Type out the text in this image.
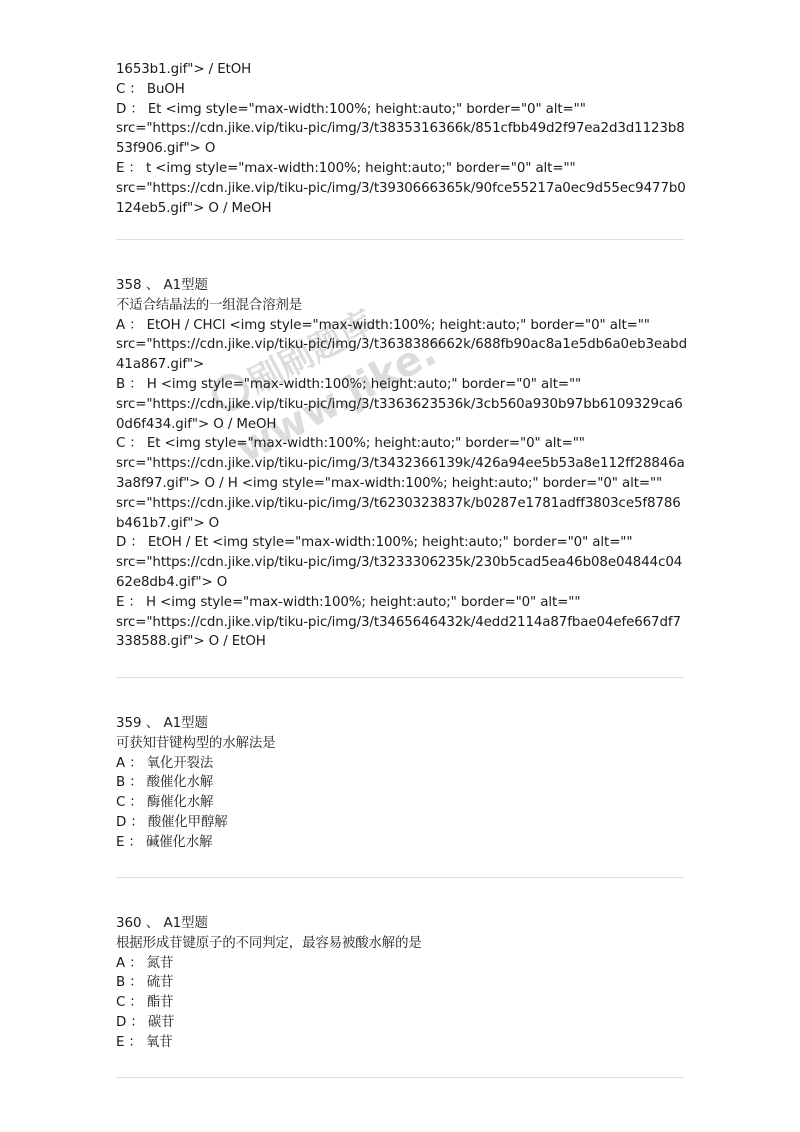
刷刷题库
www.jike.vip
1653b1.gif"> / EtOH
C ： BuOH
D ： Et <img style="max-width:100%; height:auto;" border="0" alt=""
src="https://cdn.jike.vip/tiku-pic/img/3/t3835316366k/851cfbb49d2f97ea2d3d1123b8
53f906.gif"> O
E ： t <img style="max-width:100%; height:auto;" border="0" alt=""
src="https://cdn.jike.vip/tiku-pic/img/3/t3930666365k/90fce55217a0ec9d55ec9477b0
124eb5.gif"> O / MeOH
358 、 A1型题
不适合结晶法的一组混合溶剂是
A ： EtOH / CHCl <img style="max-width:100%; height:auto;" border="0" alt=""
src="https://cdn.jike.vip/tiku-pic/img/3/t3638386662k/688fb90ac8a1e5db6a0eb3eabd
41a867.gif">
B ： H <img style="max-width:100%; height:auto;" border="0" alt=""
src="https://cdn.jike.vip/tiku-pic/img/3/t3363623536k/3cb560a930b97bb6109329ca6
0d6f434.gif"> O / MeOH
C ： Et <img style="max-width:100%; height:auto;" border="0" alt=""
src="https://cdn.jike.vip/tiku-pic/img/3/t3432366139k/426a94ee5b53a8e112ff28846a
3a8f97.gif"> O / H <img style="max-width:100%; height:auto;" border="0" alt=""
src="https://cdn.jike.vip/tiku-pic/img/3/t6230323837k/b0287e1781adff3803ce5f8786
b461b7.gif"> O
D ： EtOH / Et <img style="max-width:100%; height:auto;" border="0" alt=""
src="https://cdn.jike.vip/tiku-pic/img/3/t3233306235k/230b5cad5ea46b08e04844c04
62e8db4.gif"> O
E ： H <img style="max-width:100%; height:auto;" border="0" alt=""
src="https://cdn.jike.vip/tiku-pic/img/3/t3465646432k/4edd2114a87fbae04efe667df7
338588.gif"> O / EtOH
359 、 A1型题
可获知苷键构型的水解法是
A ： 氧化开裂法
B ： 酸催化水解
C ： 酶催化水解
D ： 酸催化甲醇解
E ： 碱催化水解
360 、 A1型题
根据形成苷键原子的不同判定，最容易被酸水解的是
A ： 氮苷
B ： 硫苷
C ： 酯苷
D ： 碳苷
E ： 氧苷
